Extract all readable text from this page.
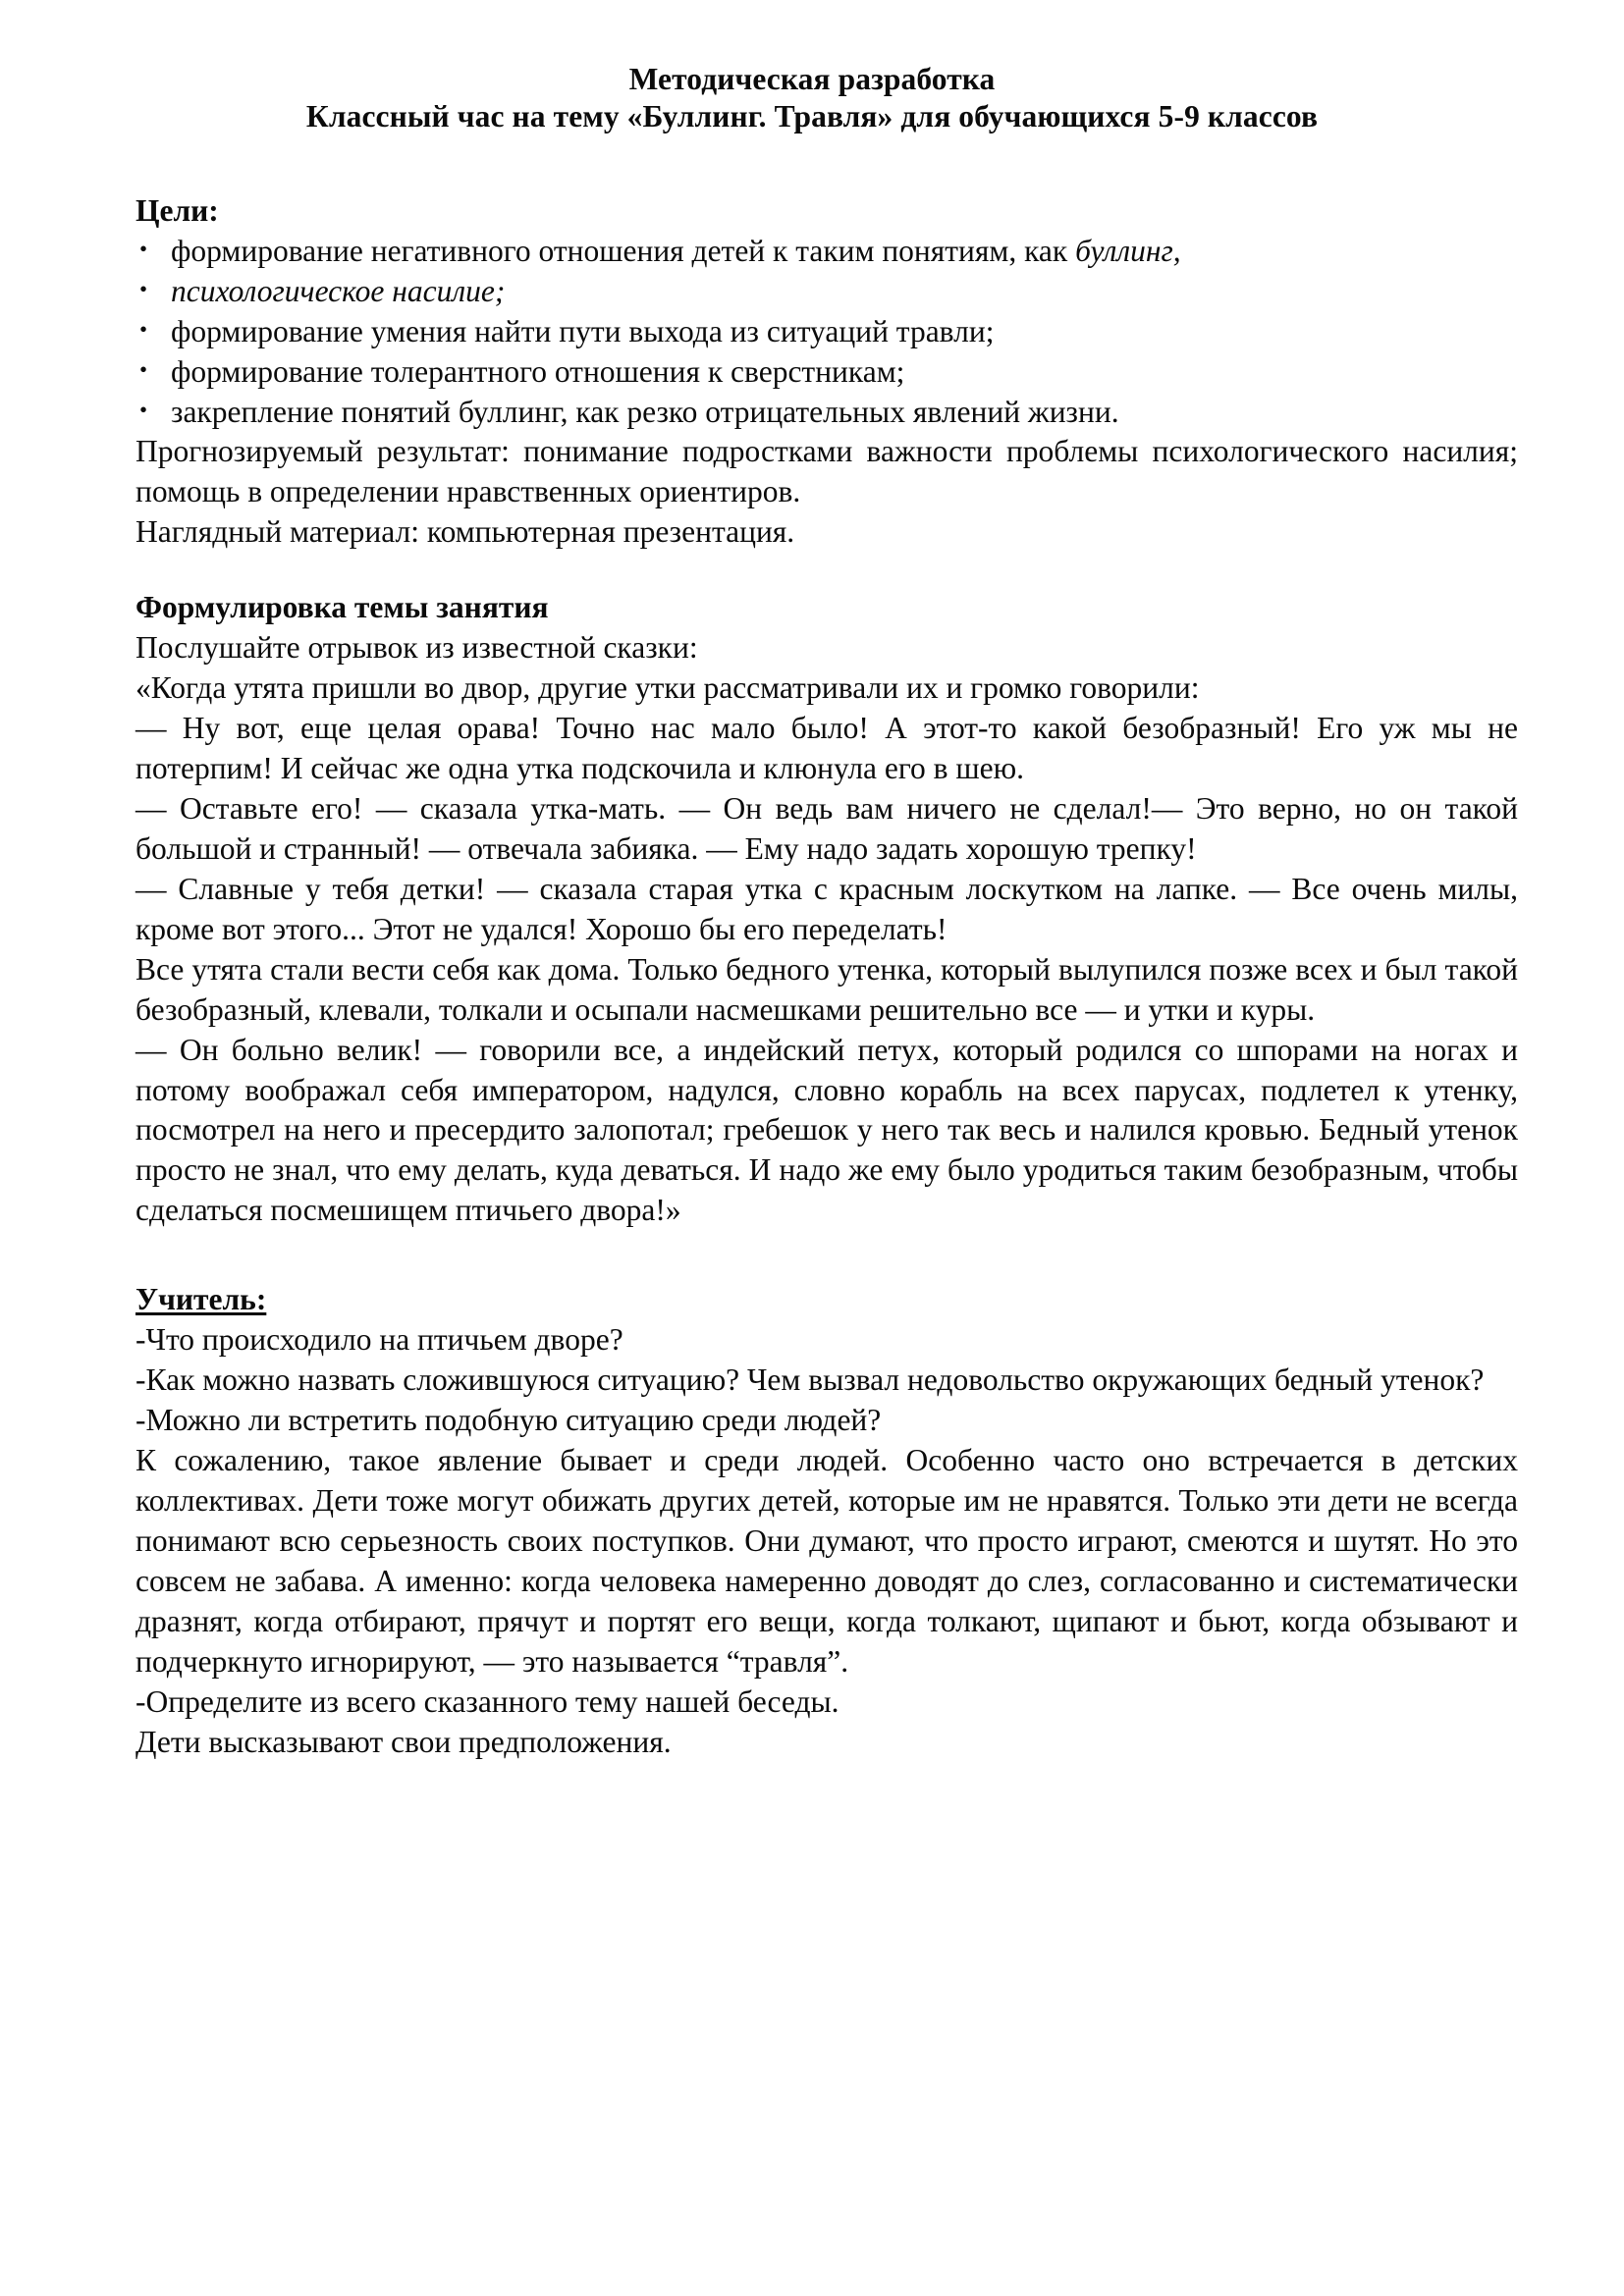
Методическая разработка
Классный час на тему «Буллинг. Травля» для обучающихся 5-9 классов
Цели:
• формирование негативного отношения детей к таким понятиям, как буллинг,
• психологическое насилие;
• формирование умения найти пути выхода из ситуаций травли;
• формирование толерантного отношения к сверстникам;
• закрепление понятий буллинг, как резко отрицательных явлений жизни.

Прогнозируемый результат: понимание подростками важности проблемы психологического насилия; помощь в определении нравственных ориентиров.

Наглядный материал: компьютерная презентация.

Формулировка темы занятия

Послушайте отрывок из известной сказки:

«Когда утята пришли во двор, другие утки рассматривали их и громко говорили:

— Ну вот, еще целая орава! Точно нас мало было! А этот-то какой безобразный! Его уж мы не потерпим! И сейчас же одна утка подскочила и клюнула его в шею.

— Оставьте его! — сказала утка-мать. — Он ведь вам ничего не сделал!— Это верно, но он такой большой и странный! — отвечала забияка. — Ему надо задать хорошую трепку!

— Славные у тебя детки! — сказала старая утка с красным лоскутком на лапке. — Все очень милы, кроме вот этого... Этот не удался! Хорошо бы его переделать!

Все утята стали вести себя как дома. Только бедного утенка, который вылупился позже всех и был такой безобразный, клевали, толкали и осыпали насмешками решительно все — и утки и куры.

— Он больно велик! — говорили все, а индейский петух, который родился со шпорами на ногах и потому воображал себя императором, надулся, словно корабль на всех парусах, подлетел к утенку, посмотрел на него и пресердито залопотал; гребешок у него так весь и налился кровью. Бедный утенок просто не знал, что ему делать, куда деваться. И надо же ему было уродиться таким безобразным, чтобы сделаться посмешищем птичьего двора!»

Учитель:

-Что происходило на птичьем дворе?

-Как можно назвать сложившуюся ситуацию? Чем вызвал недовольство окружающих бедный утенок?

-Можно ли встретить подобную ситуацию среди людей?

К сожалению, такое явление бывает и среди людей. Особенно часто оно встречается в детских коллективах. Дети тоже могут обижать других детей, которые им не нравятся. Только эти дети не всегда понимают всю серьезность своих поступков. Они думают, что просто играют, смеются и шутят. Но это совсем не забава. А именно: когда человека намеренно доводят до слез, согласованно и систематически дразнят, когда отбирают, прячут и портят его вещи, когда толкают, щипают и бьют, когда обзывают и подчеркнуто игнорируют, — это называется “травля”.

-Определите из всего сказанного тему нашей беседы.

Дети высказывают свои предположения.
